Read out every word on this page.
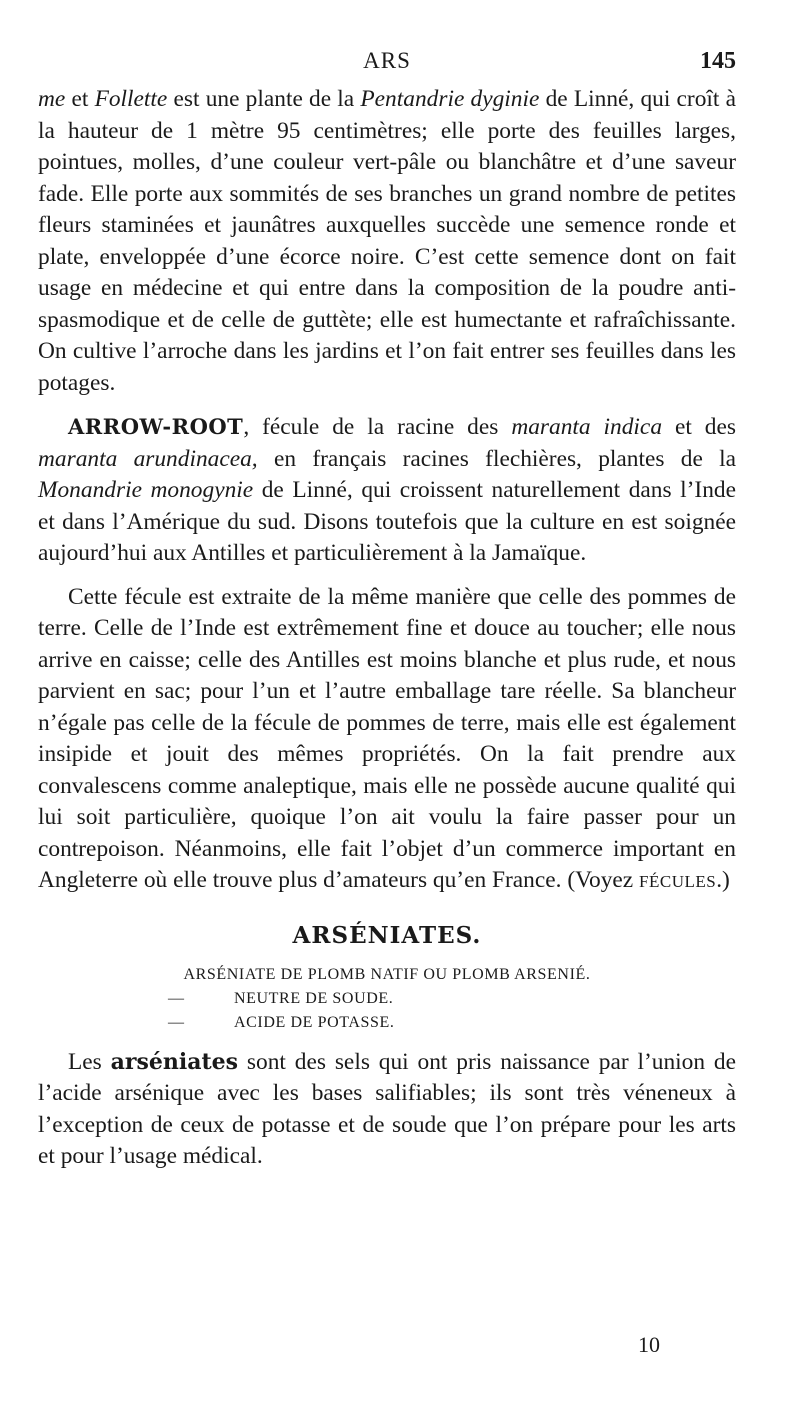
ARS	145

me et Follette est une plante de la Pentandrie dygin‍ie de Linné, qui croît à la hauteur de 1 mètre 95 centimètres; elle porte des feuilles larges, pointues, molles, d’une couleur vert-pâle ou blanchâtre et d’une saveur fade. Elle porte aux sommités de ses branches un grand nombre de petites fleurs staminées et jaunâtres auxquelles succède une semence ronde et plate, enveloppée d’une écorce noire. C’est cette semence dont on fait usage en médecine et qui entre dans la composition de la poudre anti-spasmodique et de celle de guttète; elle est humectante et rafraîchissante. On cultive l’arroche dans les jardins et l’on fait entrer ses feuilles dans les potages.

ARROW-ROOT, fécule de la racine des maranta indica et des maranta arundinacea, en français racines flechières, plantes de la Monandrie monogynie de Linné, qui croissent naturellement dans l’Inde et dans l’Amérique du sud. Disons toutefois que la culture en est soignée aujourd’hui aux Antilles et particulièrement à la Jamaïque.

Cette fécule est extraite de la même manière que celle des pommes de terre. Celle de l’Inde est extrêmement fine et douce au toucher; elle nous arrive en caisse; celle des Antilles est moins blanche et plus rude, et nous parvient en sac; pour l’un et l’autre emballage tare réelle. Sa blancheur n’égale pas celle de la fécule de pommes de terre, mais elle est également insipide et jouit des mêmes propriétés. On la fait prendre aux convalescens comme analeptique, mais elle ne possède aucune qualité qui lui soit particulière, quoique l’on ait voulu la faire passer pour un contrepoison. Néanmoins, elle fait l’objet d’un commerce important en Angleterre où elle trouve plus d’amateurs qu’en France. (Voyez FÉCULES.)

ARSÉNIATES.

ARSÉNIATE DE PLOMB NATIF OU PLOMB ARSENIÉ.

—	NEUTRE DE SOUDE.

—	ACIDE DE POTASSE.

Les arséniates sont des sels qui ont pris naissance par l’union de l’acide arsénique avec les bases salifiables; ils sont très véneneux à l’exception de ceux de potasse et de soude que l’on prépare pour les arts et pour l’usage médical.

10
